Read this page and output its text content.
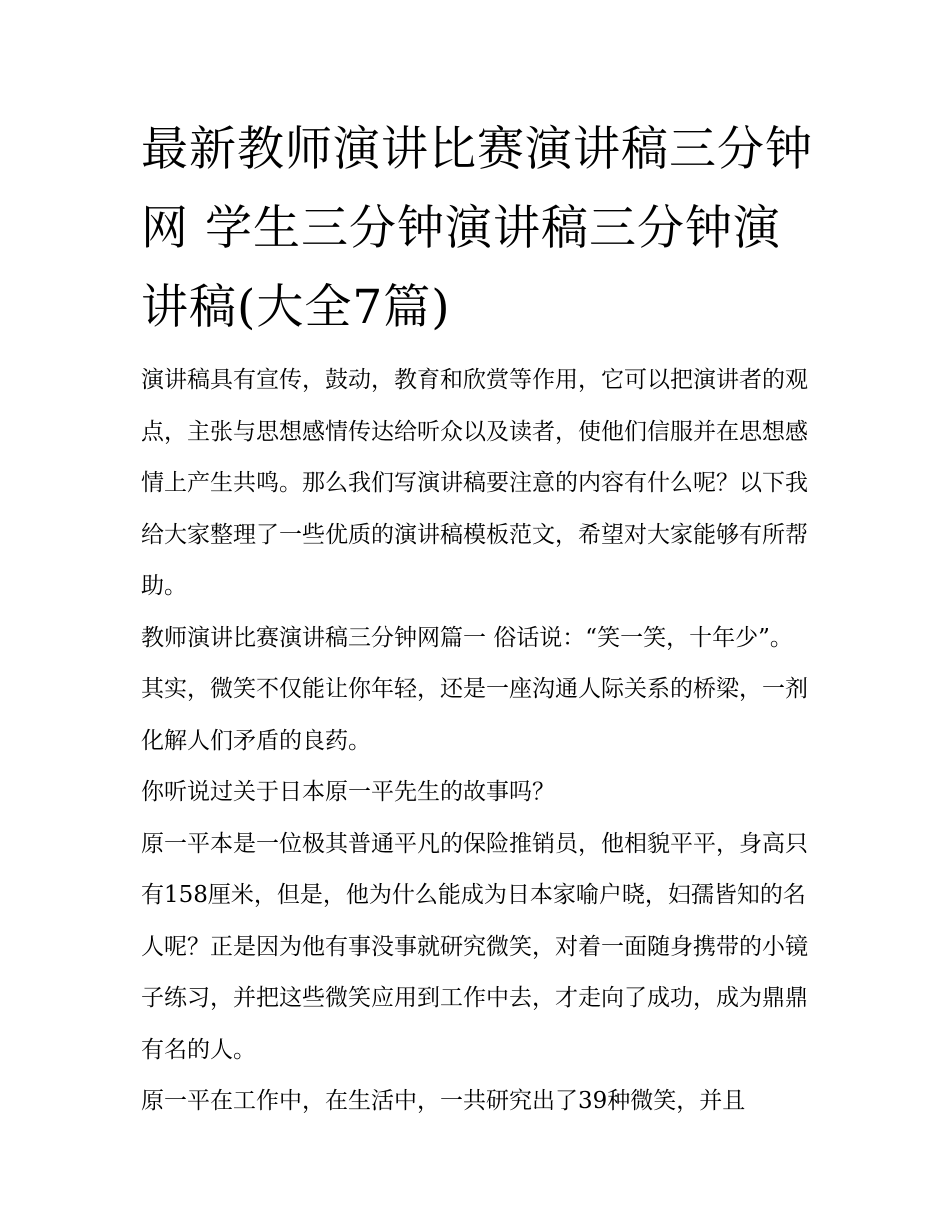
最新教师演讲比赛演讲稿三分钟网 学生三分钟演讲稿三分钟演讲稿(大全7篇)

演讲稿具有宣传，鼓动，教育和欣赏等作用，它可以把演讲者的观点，主张与思想感情传达给听众以及读者，使他们信服并在思想感情上产生共鸣。那么我们写演讲稿要注意的内容有什么呢？以下我给大家整理了一些优质的演讲稿模板范文，希望对大家能够有所帮助。

教师演讲比赛演讲稿三分钟网篇一 俗话说：“笑一笑，十年少”。其实，微笑不仅能让你年轻，还是一座沟通人际关系的桥梁，一剂化解人们矛盾的良药。

你听说过关于日本原一平先生的故事吗？

原一平本是一位极其普通平凡的保险推销员，他相貌平平，身高只有158厘米，但是，他为什么能成为日本家喻户晓，妇孺皆知的名人呢？正是因为他有事没事就研究微笑，对着一面随身携带的小镜子练习，并把这些微笑应用到工作中去，才走向了成功，成为鼎鼎有名的人。

原一平在工作中，在生活中，一共研究出了39种微笑，并且
